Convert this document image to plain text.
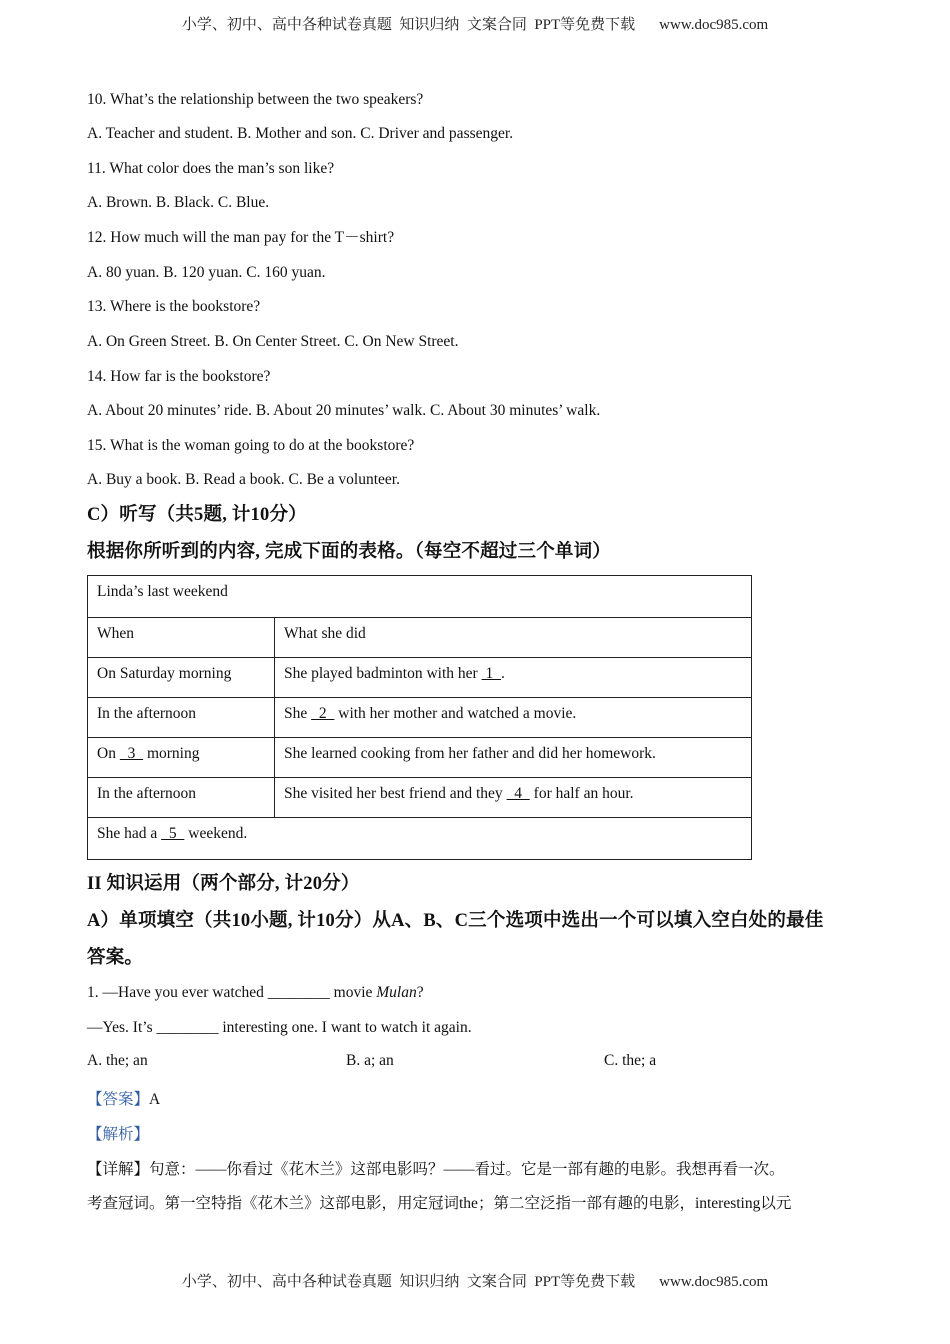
小学、初中、高中各种试卷真题  知识归纳  文案合同  PPT等免费下载 www.doc985.com
10. What’s the relationship between the two speakers?
A. Teacher and student. B. Mother and son. C. Driver and passenger.
11. What color does the man’s son like?
A. Brown. B. Black. C. Blue.
12. How much will the man pay for the T－shirt?
A. 80 yuan. B. 120 yuan. C. 160 yuan.
13. Where is the bookstore?
A. On Green Street. B. On Center Street. C. On New Street.
14. How far is the bookstore?
A. About 20 minutes’ ride. B. About 20 minutes’ walk. C. About 30 minutes’ walk.
15. What is the woman going to do at the bookstore?
A. Buy a book. B. Read a book. C. Be a volunteer.
C）听写（共5题, 计10分）
根据你所听到的内容, 完成下面的表格。（每空不超过三个单词）
Linda’s last weekend	
When	What she did
On Saturday morning	She played badminton with her  1  .
In the afternoon	She   2   with her mother and watched a movie.
On   3   morning	She learned cooking from her father and did her homework.
In the afternoon	She visited her best friend and they   4   for half an hour.
She had a   5   weekend.	
II 知识运用（两个部分, 计20分）
A）单项填空（共10小题, 计10分）从A、B、C三个选项中选出一个可以填入空白处的最佳
答案。
1. —Have you ever watched ________ movie Mulan?
—Yes. It’s ________ interesting one. I want to watch it again.
A. the; an	B. a; an	C. the; a
【答案】A
【解析】
【详解】句意：——你看过《花木兰》这部电影吗？——看过。它是一部有趣的电影。我想再看一次。
考查冠词。第一空特指《花木兰》这部电影，用定冠词the；第二空泛指一部有趣的电影，interesting以元
小学、初中、高中各种试卷真题  知识归纳  文案合同  PPT等免费下载 www.doc985.com
